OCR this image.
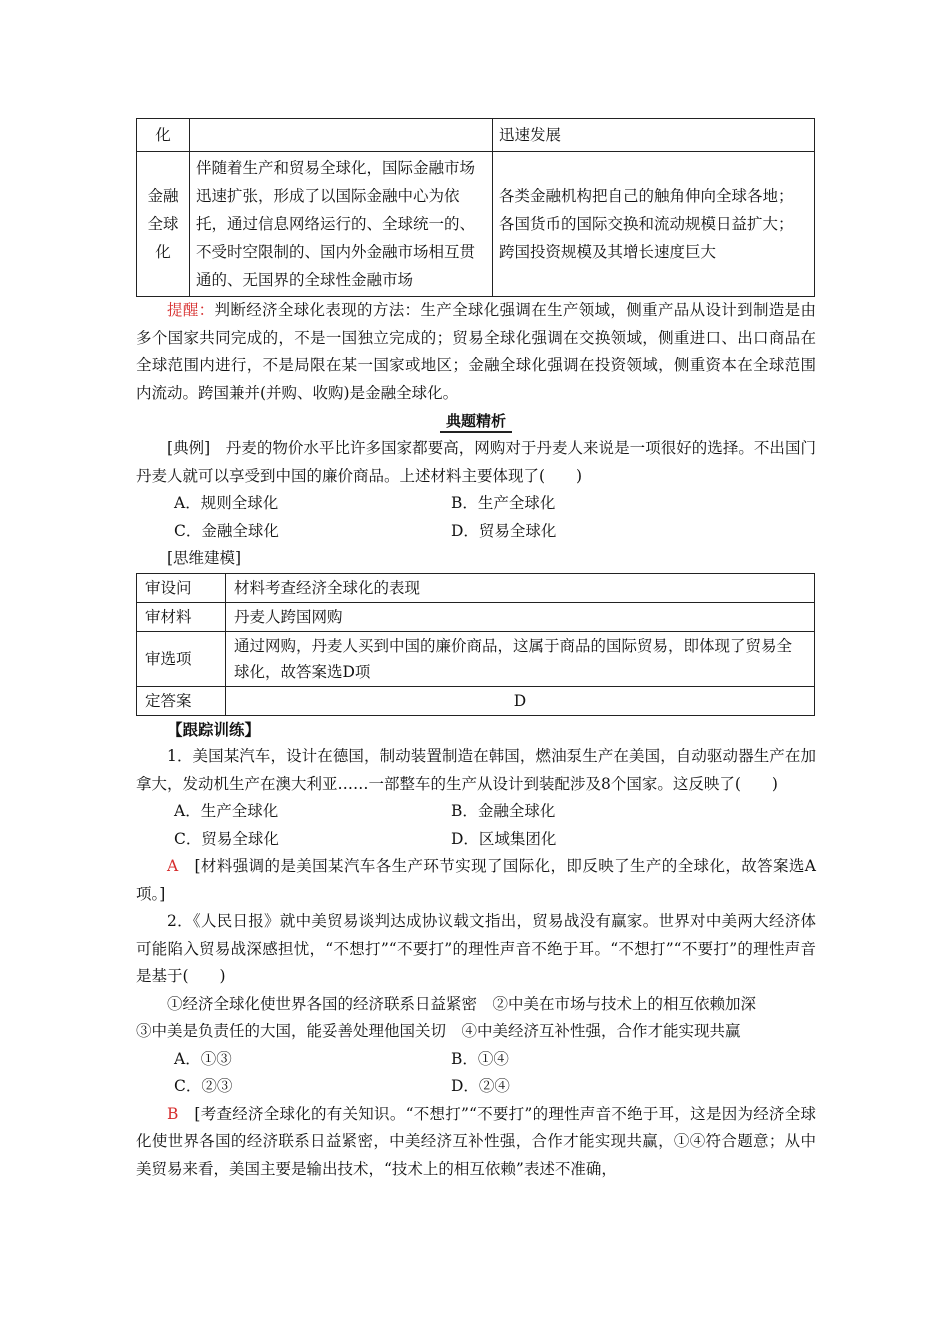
化		迅速发展

金融
全球
化	伴随着生产和贸易全球化，国际金融市场迅速扩张，形成了以国际金融中心为依托，通过信息网络运行的、全球统一的、不受时空限制的、国内外金融市场相互贯通的、无国界的全球性金融市场	各类金融机构把自己的触角伸向全球各地；各国货币的国际交换和流动规模日益扩大；跨国投资规模及其增长速度巨大

提醒：判断经济全球化表现的方法：生产全球化强调在生产领域，侧重产品从设计到制造是由多个国家共同完成的，不是一国独立完成的；贸易全球化强调在交换领域，侧重进口、出口商品在全球范围内进行，不是局限在某一国家或地区；金融全球化强调在投资领域，侧重资本在全球范围内流动。跨国兼并(并购、收购)是金融全球化。

典题精析

[典例]　丹麦的物价水平比许多国家都要高，网购对于丹麦人来说是一项很好的选择。不出国门丹麦人就可以享受到中国的廉价商品。上述材料主要体现了(　　)

A．规则全球化	B．生产全球化
C．金融全球化	D．贸易全球化

[思维建模]

审设问	材料考查经济全球化的表现
审材料	丹麦人跨国网购
审选项	通过网购，丹麦人买到中国的廉价商品，这属于商品的国际贸易，即体现了贸易全球化，故答案选D项
定答案	D

【跟踪训练】

1．美国某汽车，设计在德国，制动装置制造在韩国，燃油泵生产在美国，自动驱动器生产在加拿大，发动机生产在澳大利亚……一部整车的生产从设计到装配涉及8个国家。这反映了(　　)

A．生产全球化	B．金融全球化
C．贸易全球化	D．区域集团化

A　[材料强调的是美国某汽车各生产环节实现了国际化，即反映了生产的全球化，故答案选A项。]

2．《人民日报》就中美贸易谈判达成协议载文指出，贸易战没有赢家。世界对中美两大经济体可能陷入贸易战深感担忧，“不想打”“不要打”的理性声音不绝于耳。“不想打”“不要打”的理性声音是基于(　　)

①经济全球化使世界各国的经济联系日益紧密　②中美在市场与技术上的相互依赖加深

③中美是负责任的大国，能妥善处理他国关切　④中美经济互补性强，合作才能实现共赢

A．①③	B．①④
C．②③	D．②④

B　[考查经济全球化的有关知识。“不想打”“不要打”的理性声音不绝于耳，这是因为经济全球化使世界各国的经济联系日益紧密，中美经济互补性强，合作才能实现共赢，①④符合题意；从中美贸易来看，美国主要是输出技术，“技术上的相互依赖”表述不准确，
